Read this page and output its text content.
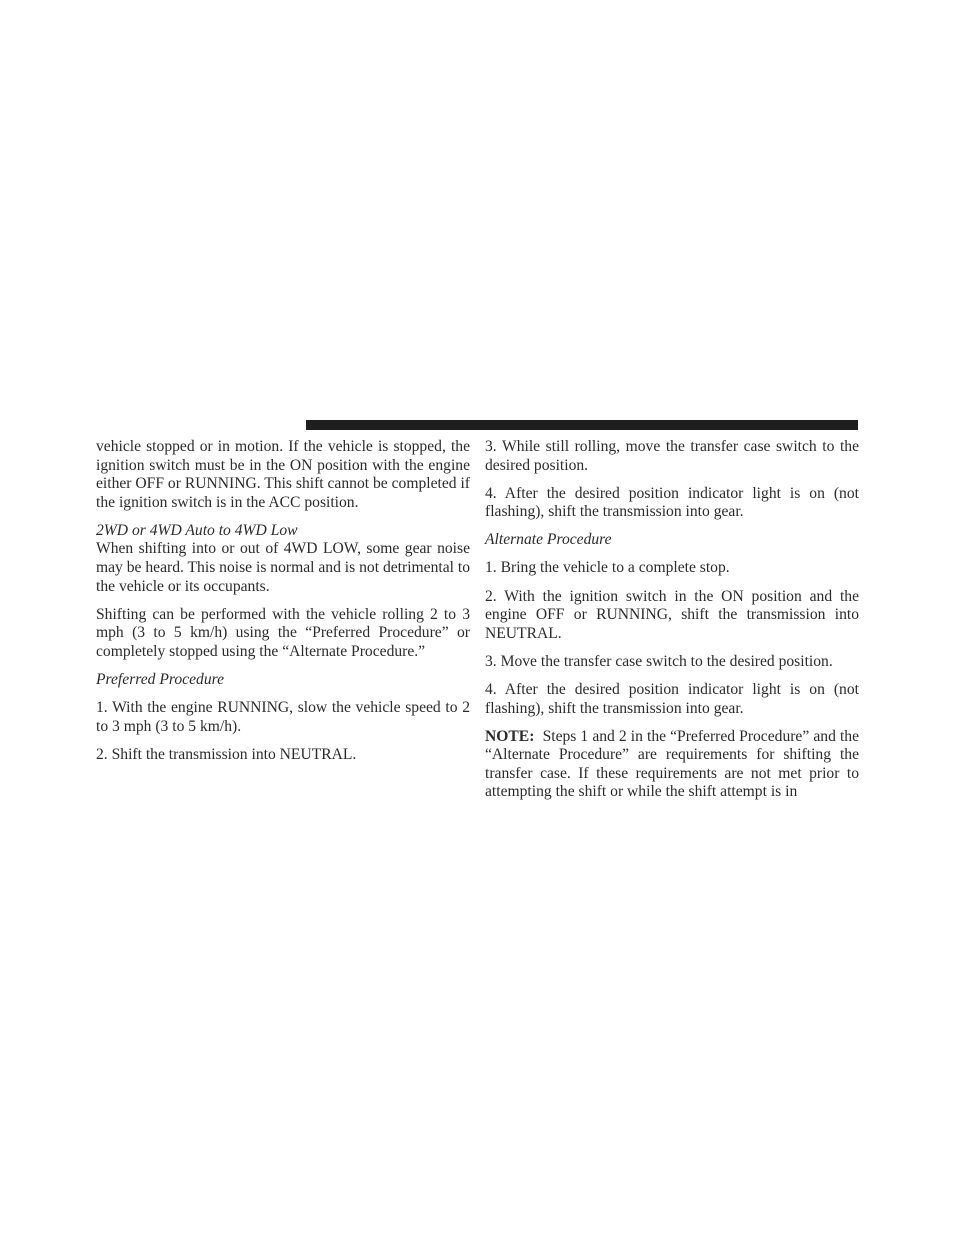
vehicle stopped or in motion. If the vehicle is stopped, the ignition switch must be in the ON position with the engine either OFF or RUNNING. This shift cannot be completed if the ignition switch is in the ACC position.

2WD or 4WD Auto to 4WD Low

When shifting into or out of 4WD LOW, some gear noise may be heard. This noise is normal and is not detrimental to the vehicle or its occupants.

Shifting can be performed with the vehicle rolling 2 to 3 mph (3 to 5 km/h) using the “Preferred Procedure” or completely stopped using the “Alternate Procedure.”

Preferred Procedure

1. With the engine RUNNING, slow the vehicle speed to 2 to 3 mph (3 to 5 km/h).

2. Shift the transmission into NEUTRAL.

3. While still rolling, move the transfer case switch to the desired position.

4. After the desired position indicator light is on (not flashing), shift the transmission into gear.

Alternate Procedure

1. Bring the vehicle to a complete stop.

2. With the ignition switch in the ON position and the engine OFF or RUNNING, shift the transmission into NEUTRAL.

3. Move the transfer case switch to the desired position.

4. After the desired position indicator light is on (not flashing), shift the transmission into gear.

NOTE: Steps 1 and 2 in the “Preferred Procedure” and the “Alternate Procedure” are requirements for shifting the transfer case. If these requirements are not met prior to attempting the shift or while the shift attempt is in
